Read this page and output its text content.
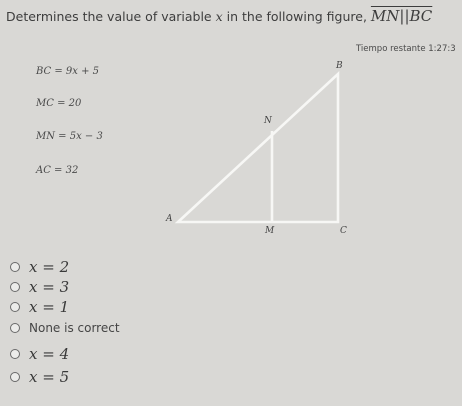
Determines the value of variable x in the following figure, MN||BC
Tiempo restante 1:27:3
BC = 9x + 5
MC = 20
MN = 5x − 3
AC = 32
B
N
A
M	C
x = 2
x = 3
x = 1
None is correct
x = 4
x = 5
